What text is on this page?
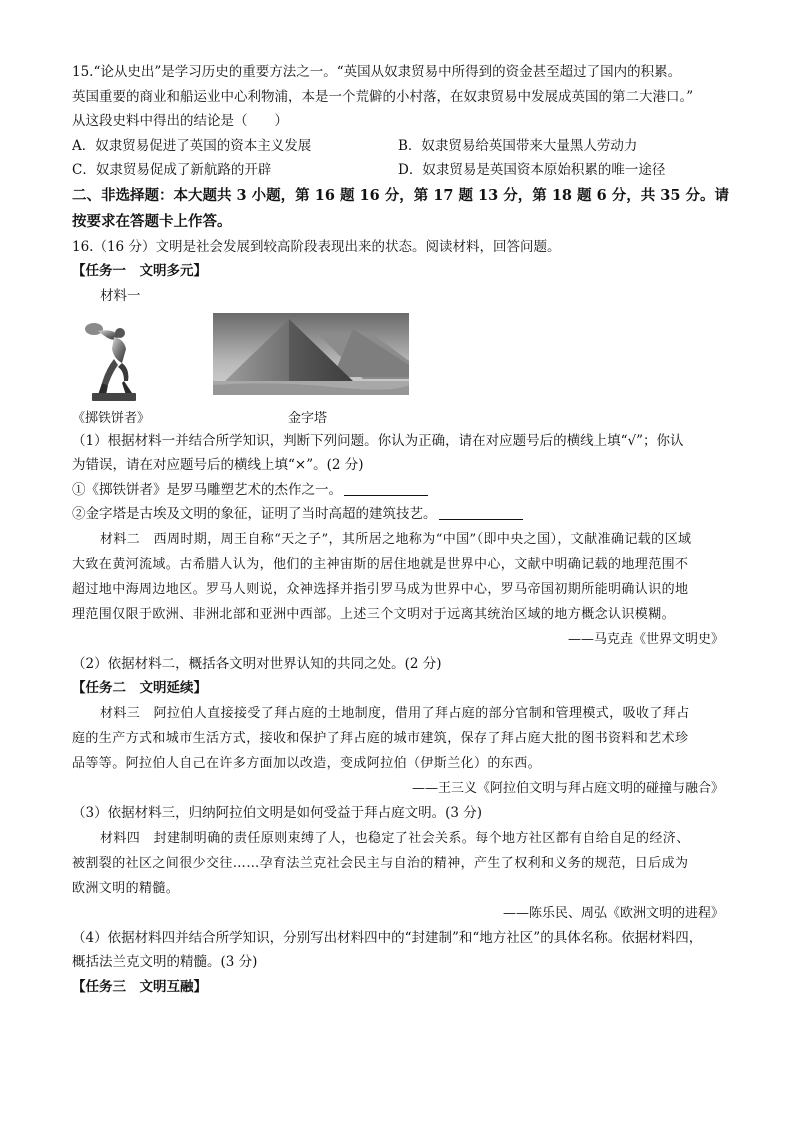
15.“论从史出”是学习历史的重要方法之一。“英国从奴隶贸易中所得到的资金甚至超过了国内的积累。
英国重要的商业和船运业中心利物浦，本是一个荒僻的小村落，在奴隶贸易中发展成英国的第二大港口。”
从这段史料中得出的结论是（　　）
A．奴隶贸易促进了英国的资本主义发展	B．奴隶贸易给英国带来大量黑人劳动力
C．奴隶贸易促成了新航路的开辟	D．奴隶贸易是英国资本原始积累的唯一途径
二、非选择题：本大题共 3 小题，第 16 题 16 分，第 17 题 13 分，第 18 题 6 分，共 35 分。请
按要求在答题卡上作答。
16.（16 分）文明是社会发展到较高阶段表现出来的状态。阅读材料，回答问题。
【任务一　文明多元】
材料一
《掷铁饼者》	金字塔
（1）根据材料一并结合所学知识，判断下列问题。你认为正确，请在对应题号后的横线上填“√”；你认
为错误，请在对应题号后的横线上填“×”。(2 分)
①《掷铁饼者》是罗马雕塑艺术的杰作之一。
②金字塔是古埃及文明的象征，证明了当时高超的建筑技艺。
材料二　西周时期，周王自称“天之子”，其所居之地称为“中国”（即中央之国），文献准确记载的区域
大致在黄河流域。古希腊人认为，他们的主神宙斯的居住地就是世界中心，文献中明确记载的地理范围不
超过地中海周边地区。罗马人则说，众神选择并指引罗马成为世界中心，罗马帝国初期所能明确认识的地
理范围仅限于欧洲、非洲北部和亚洲中西部。上述三个文明对于远离其统治区域的地方概念认识模糊。
——马克垚《世界文明史》
（2）依据材料二，概括各文明对世界认知的共同之处。(2 分)
【任务二　文明延续】
材料三　阿拉伯人直接接受了拜占庭的土地制度，借用了拜占庭的部分官制和管理模式，吸收了拜占
庭的生产方式和城市生活方式，接收和保护了拜占庭的城市建筑，保存了拜占庭大批的图书资料和艺术珍
品等等。阿拉伯人自己在许多方面加以改造，变成阿拉伯（伊斯兰化）的东西。
——王三义《阿拉伯文明与拜占庭文明的碰撞与融合》
（3）依据材料三，归纳阿拉伯文明是如何受益于拜占庭文明。(3 分)
材料四　封建制明确的责任原则束缚了人，也稳定了社会关系。每个地方社区都有自给自足的经济、
被割裂的社区之间很少交往……孕育法兰克社会民主与自治的精神，产生了权利和义务的规范，日后成为
欧洲文明的精髓。
——陈乐民、周弘《欧洲文明的进程》
（4）依据材料四并结合所学知识，分别写出材料四中的“封建制”和“地方社区”的具体名称。依据材料四，
概括法兰克文明的精髓。(3 分)
【任务三　文明互融】
